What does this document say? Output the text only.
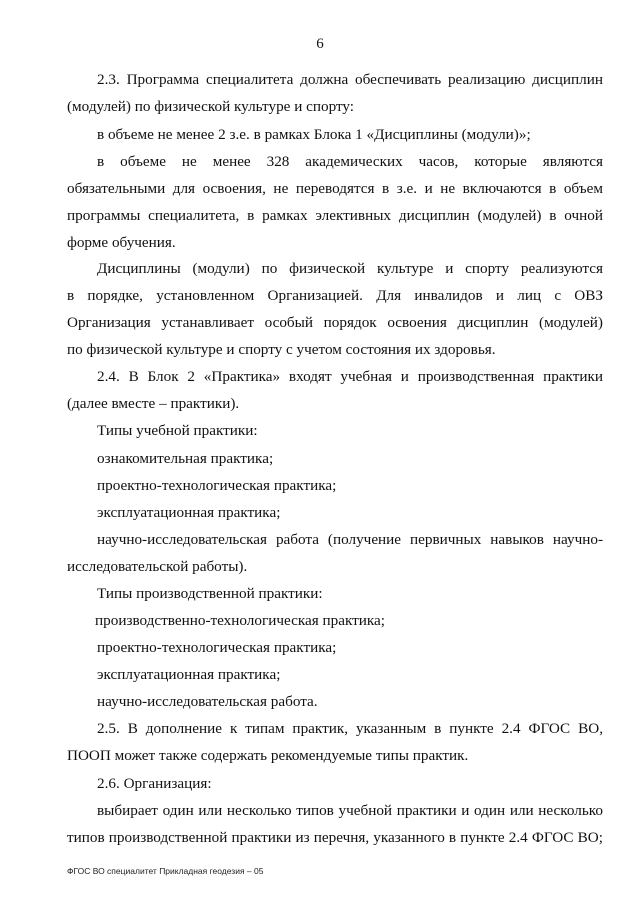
6
2.3. Программа специалитета должна обеспечивать реализацию дисциплин
(модулей) по физической культуре и спорту:
в объеме не менее 2 з.е. в рамках Блока 1 «Дисциплины (модули)»;
в объеме не менее 328 академических часов, которые являются
обязательными для освоения, не переводятся в з.е. и не включаются в объем
программы специалитета, в рамках элективных дисциплин (модулей) в очной
форме обучения.
Дисциплины (модули) по физической культуре и спорту реализуются
в порядке, установленном Организацией. Для инвалидов и лиц с ОВЗ
Организация устанавливает особый порядок освоения дисциплин (модулей)
по физической культуре и спорту с учетом состояния их здоровья.
2.4. В Блок 2 «Практика» входят учебная и производственная практики
(далее вместе – практики).
Типы учебной практики:
ознакомительная практика;
проектно-технологическая практика;
эксплуатационная практика;
научно-исследовательская работа (получение первичных навыков научно-
исследовательской работы).
Типы производственной практики:
производственно-технологическая практика;
проектно-технологическая практика;
эксплуатационная практика;
научно-исследовательская работа.
2.5. В дополнение к типам практик, указанным в пункте 2.4 ФГОС ВО,
ПООП может также содержать рекомендуемые типы практик.
2.6. Организация:
выбирает один или несколько типов учебной практики и один или несколько
типов производственной практики из перечня, указанного в пункте 2.4 ФГОС ВО;
ФГОС ВО специалитет Прикладная геодезия – 05
